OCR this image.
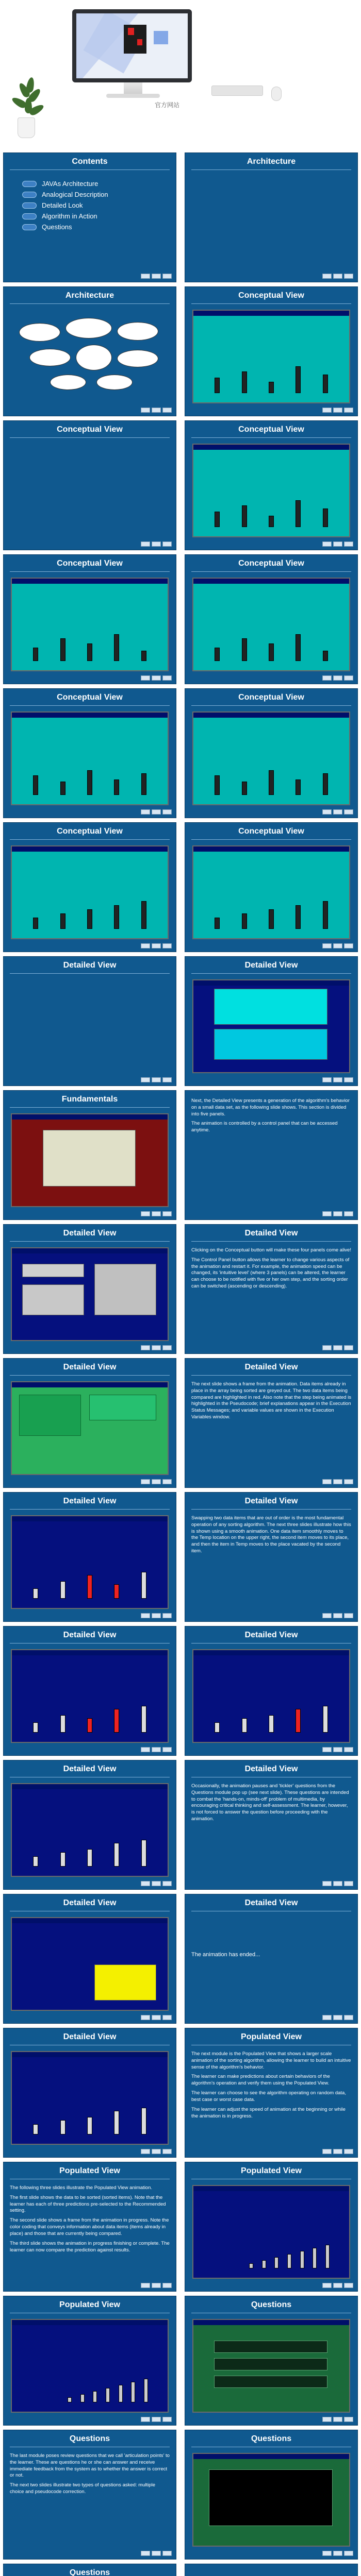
官方网站
Contents
JAVAs Architecture
Analogical Description
Detailed Look
Algorithm in Action
Questions
Architecture
Architecture	Conceptual View
Conceptual View	Conceptual View
Conceptual View	Conceptual View
Conceptual View	Conceptual View
Conceptual View	Conceptual View
Detailed View	Detailed View
Fundamentals	Next, the Detailed View presents a generation of the algorithm's behavior on a small data set, as the following slide shows. This section is divided into five panels.

The animation is controlled by a control panel that can be accessed anytime.

Detailed View	Detailed View

Clicking on the Conceptual button will make these four panels come alive!

The Control Panel button allows the learner to change various aspects of the animation and restart it. For example, the animation speed can be changed, its 'intuitive level' (where 3 panels) can be altered, the learner can choose to be notified with five or her own step, and the sorting order can be switched (ascending or descending).

Detailed View	Detailed View

The next slide shows a frame from the animation. Data items already in place in the array being sorted are greyed out. The two data items being compared are highlighted in red. Also note that the step being animated is highlighted in the Pseudocode; brief explanations appear in the Execution Status Messages; and variable values are shown in the Execution Variables window.

Detailed View	Detailed View

Swapping two data items that are out of order is the most fundamental operation of any sorting algorithm. The next three slides illustrate how this is shown using a smooth animation. One data item smoothly moves to the Temp location on the upper right, the second item moves to its place, and then the item in Temp moves to the place vacated by the second item.

Detailed View	Detailed View
Detailed View	Detailed View

Occasionally, the animation pauses and 'tickler' questions from the Questions module pop up (see next slide). These questions are intended to combat the 'hands-on, minds-off' problem of multimedia, by encouraging critical thinking and self-assessment. The learner, however, is not forced to answer the question before proceeding with the animation.

Detailed View	Detailed View

The animation has ended...

Detailed View	Populated View

The next module is the Populated View that shows a larger scale animation of the sorting algorithm, allowing the learner to build an intuitive sense of the algorithm's behavior.

The learner can make predictions about certain behaviors of the algorithm's operation and verify them using the Populated View.

The learner can choose to see the algorithm operating on random data, best case or worst case data.

The learner can adjust the speed of animation at the beginning or while the animation is in progress.

Populated View

The following three slides illustrate the Populated View animation.

The first slide shows the data to be sorted (sorted items). Note that the learner has each of three predictions pre-selected to the Recommended setting.

The second slide shows a frame from the animation in progress. Note the color coding that conveys information about data items (items already in place) and those that are currently being compared.

The third slide shows the animation in progress finishing or complete. The learner can now compare the prediction against results.

Populated View
Populated View	Questions
Questions

The last module poses review questions that we call 'articulation points' to the learner. These are questions he or she can answer and receive immediate feedback from the system as to whether the answer is correct or not.

The next two slides illustrate two types of questions asked: multiple choice and pseudocode correction.

Questions
Questions
